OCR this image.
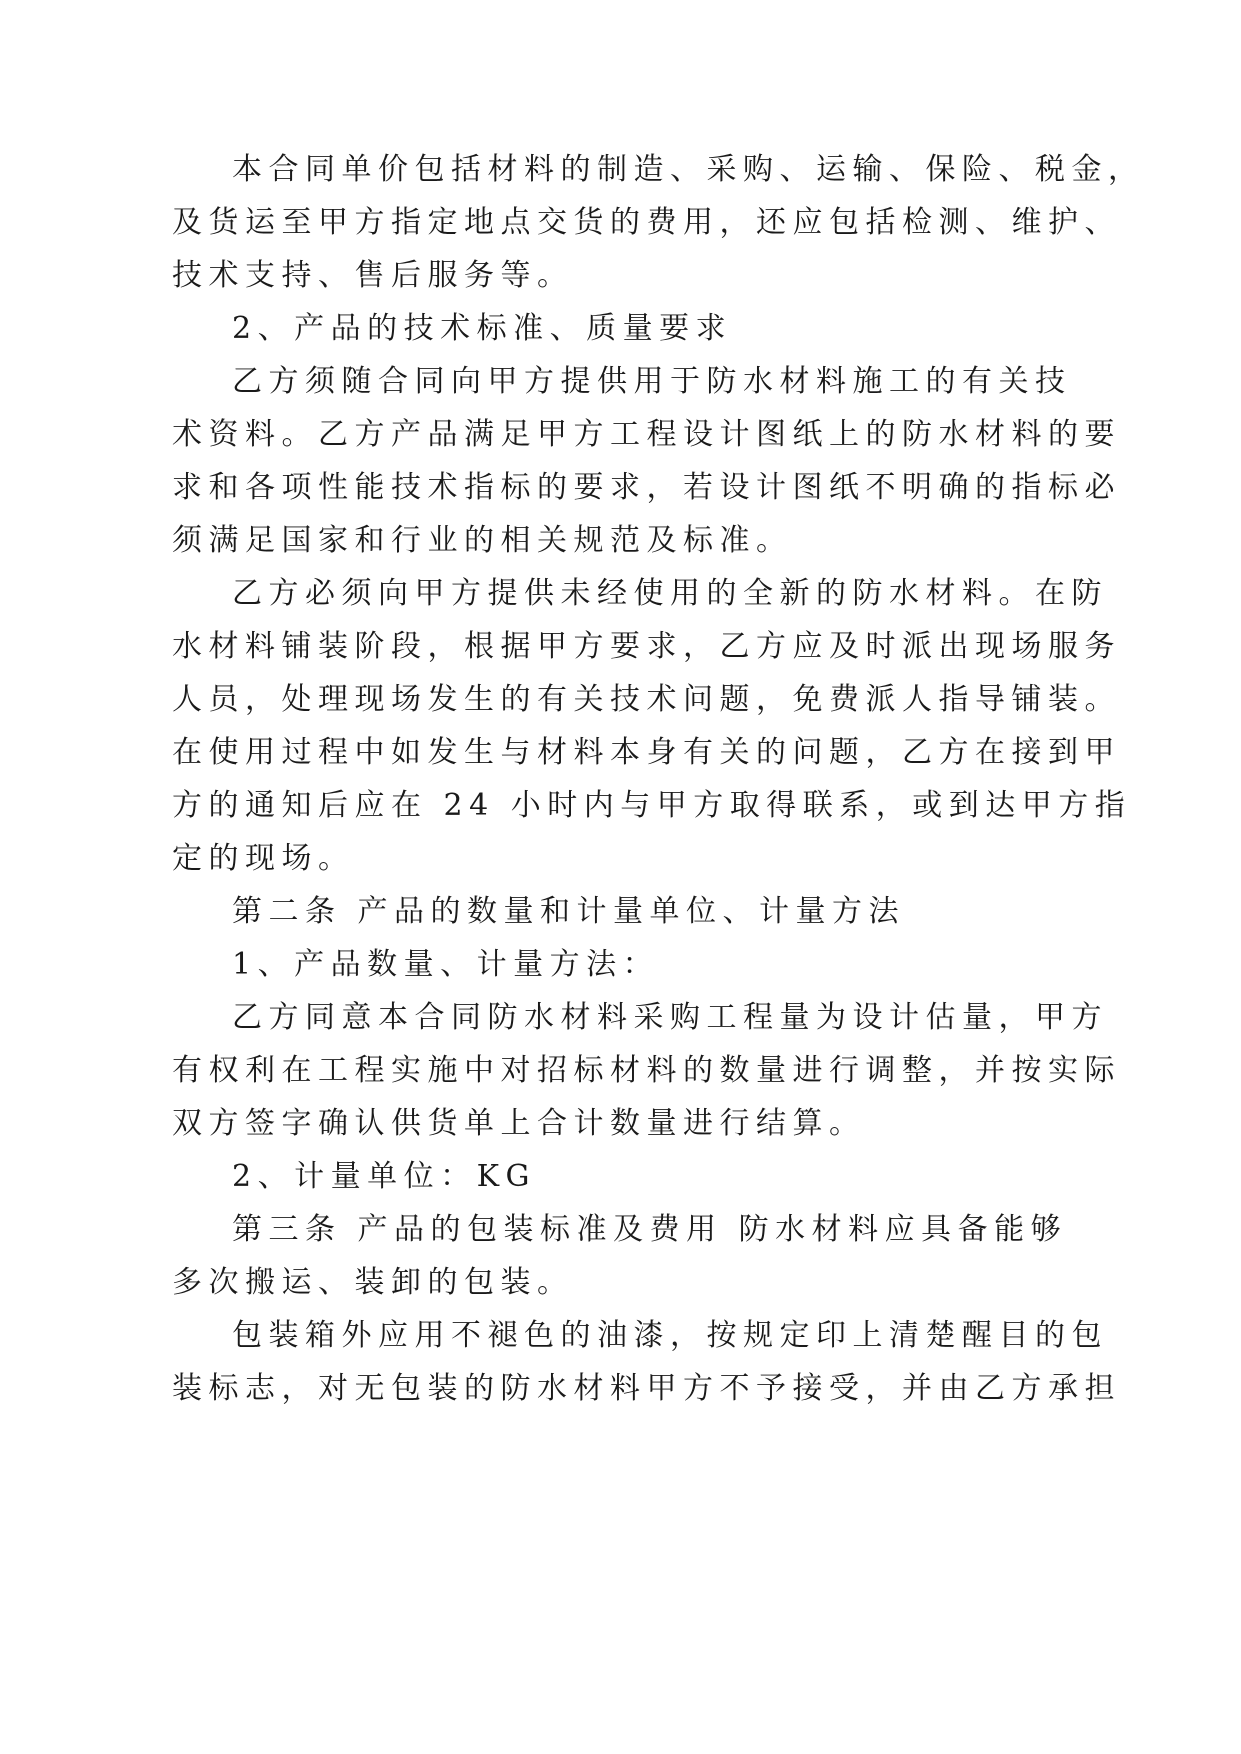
本合同单价包括材料的制造、采购、运输、保险、税金，
及货运至甲方指定地点交货的费用，还应包括检测、维护、
技术支持、售后服务等。
2、产品的技术标准、质量要求
乙方须随合同向甲方提供用于防水材料施工的有关技
术资料。乙方产品满足甲方工程设计图纸上的防水材料的要
求和各项性能技术指标的要求，若设计图纸不明确的指标必
须满足国家和行业的相关规范及标准。
乙方必须向甲方提供未经使用的全新的防水材料。在防
水材料铺装阶段，根据甲方要求，乙方应及时派出现场服务
人员，处理现场发生的有关技术问题，免费派人指导铺装。
在使用过程中如发生与材料本身有关的问题，乙方在接到甲
方的通知后应在 24 小时内与甲方取得联系，或到达甲方指
定的现场。
第二条 产品的数量和计量单位、计量方法
1、产品数量、计量方法：
乙方同意本合同防水材料采购工程量为设计估量，甲方
有权利在工程实施中对招标材料的数量进行调整，并按实际
双方签字确认供货单上合计数量进行结算。
2、计量单位：KG
第三条 产品的包装标准及费用 防水材料应具备能够
多次搬运、装卸的包装。
包装箱外应用不褪色的油漆，按规定印上清楚醒目的包
装标志，对无包装的防水材料甲方不予接受，并由乙方承担
